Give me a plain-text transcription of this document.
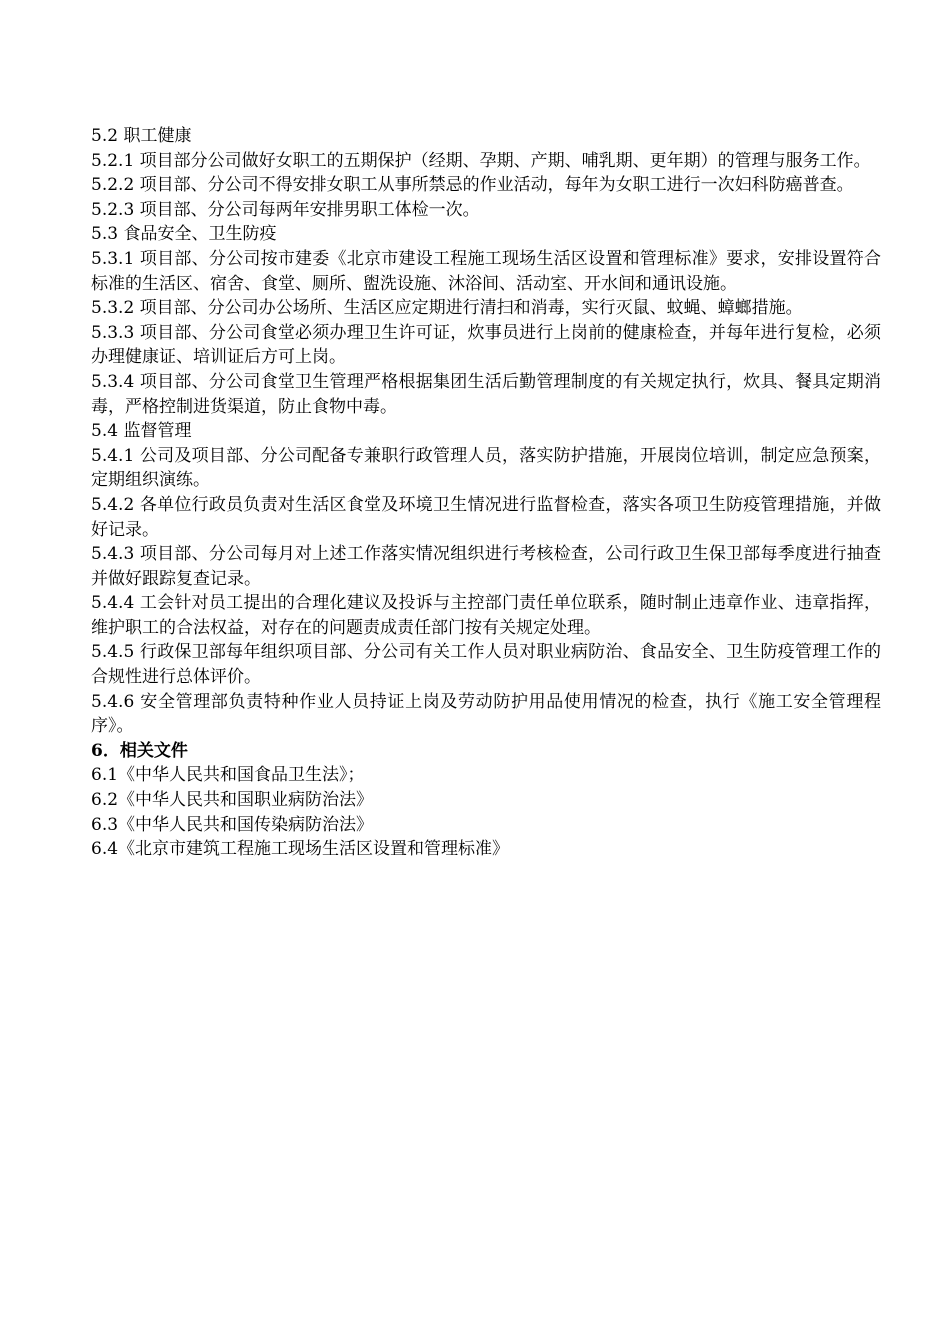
5.2 职工健康

5.2.1 项目部分公司做好女职工的五期保护（经期、孕期、产期、哺乳期、更年期）的管理与服务工作。

5.2.2 项目部、分公司不得安排女职工从事所禁忌的作业活动，每年为女职工进行一次妇科防癌普查。

5.2.3 项目部、分公司每两年安排男职工体检一次。

5.3 食品安全、卫生防疫

5.3.1 项目部、分公司按市建委《北京市建设工程施工现场生活区设置和管理标准》要求，安排设置符合标准的生活区、宿舍、食堂、厕所、盥洗设施、沐浴间、活动室、开水间和通讯设施。

5.3.2 项目部、分公司办公场所、生活区应定期进行清扫和消毒，实行灭鼠、蚊蝇、蟑螂措施。

5.3.3 项目部、分公司食堂必须办理卫生许可证，炊事员进行上岗前的健康检查，并每年进行复检，必须办理健康证、培训证后方可上岗。

5.3.4 项目部、分公司食堂卫生管理严格根据集团生活后勤管理制度的有关规定执行，炊具、餐具定期消毒，严格控制进货渠道，防止食物中毒。

5.4 监督管理

5.4.1 公司及项目部、分公司配备专兼职行政管理人员，落实防护措施，开展岗位培训，制定应急预案，定期组织演练。

5.4.2 各单位行政员负责对生活区食堂及环境卫生情况进行监督检查，落实各项卫生防疫管理措施，并做好记录。

5.4.3 项目部、分公司每月对上述工作落实情况组织进行考核检查，公司行政卫生保卫部每季度进行抽查并做好跟踪复查记录。

5.4.4 工会针对员工提出的合理化建议及投诉与主控部门责任单位联系，随时制止违章作业、违章指挥，维护职工的合法权益，对存在的问题责成责任部门按有关规定处理。

5.4.5 行政保卫部每年组织项目部、分公司有关工作人员对职业病防治、食品安全、卫生防疫管理工作的合规性进行总体评价。

5.4.6 安全管理部负责特种作业人员持证上岗及劳动防护用品使用情况的检查，执行《施工安全管理程序》。

6．相关文件

6.1《中华人民共和国食品卫生法》；

6.2《中华人民共和国职业病防治法》

6.3《中华人民共和国传染病防治法》

6.4《北京市建筑工程施工现场生活区设置和管理标准》
